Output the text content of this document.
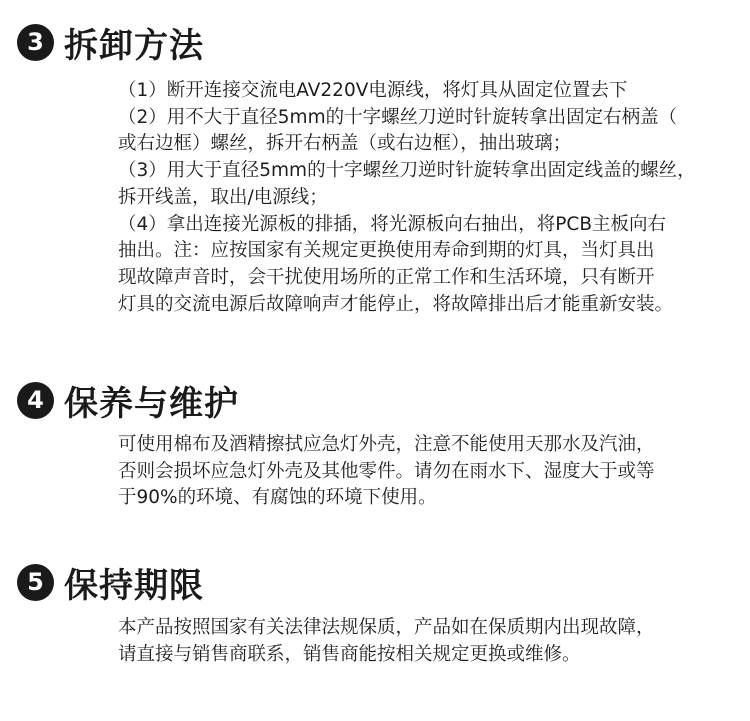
3 拆卸方法
（1）断开连接交流电AV220V电源线，将灯具从固定位置去下
（2）用不大于直径5mm的十字螺丝刀逆时针旋转拿出固定右柄盖（
或右边框）螺丝，拆开右柄盖（或右边框），抽出玻璃；
（3）用大于直径5mm的十字螺丝刀逆时针旋转拿出固定线盖的螺丝，
拆开线盖，取出/电源线；
（4）拿出连接光源板的排插，将光源板向右抽出，将PCB主板向右
抽出。注：应按国家有关规定更换使用寿命到期的灯具，当灯具出
现故障声音时，会干扰使用场所的正常工作和生活环境，只有断开
灯具的交流电源后故障响声才能停止，将故障排出后才能重新安装。
4 保养与维护
可使用棉布及酒精擦拭应急灯外壳，注意不能使用天那水及汽油，
否则会损坏应急灯外壳及其他零件。请勿在雨水下、湿度大于或等
于90%的环境、有腐蚀的环境下使用。
5 保持期限
本产品按照国家有关法律法规保质，产品如在保质期内出现故障，
请直接与销售商联系，销售商能按相关规定更换或维修。
